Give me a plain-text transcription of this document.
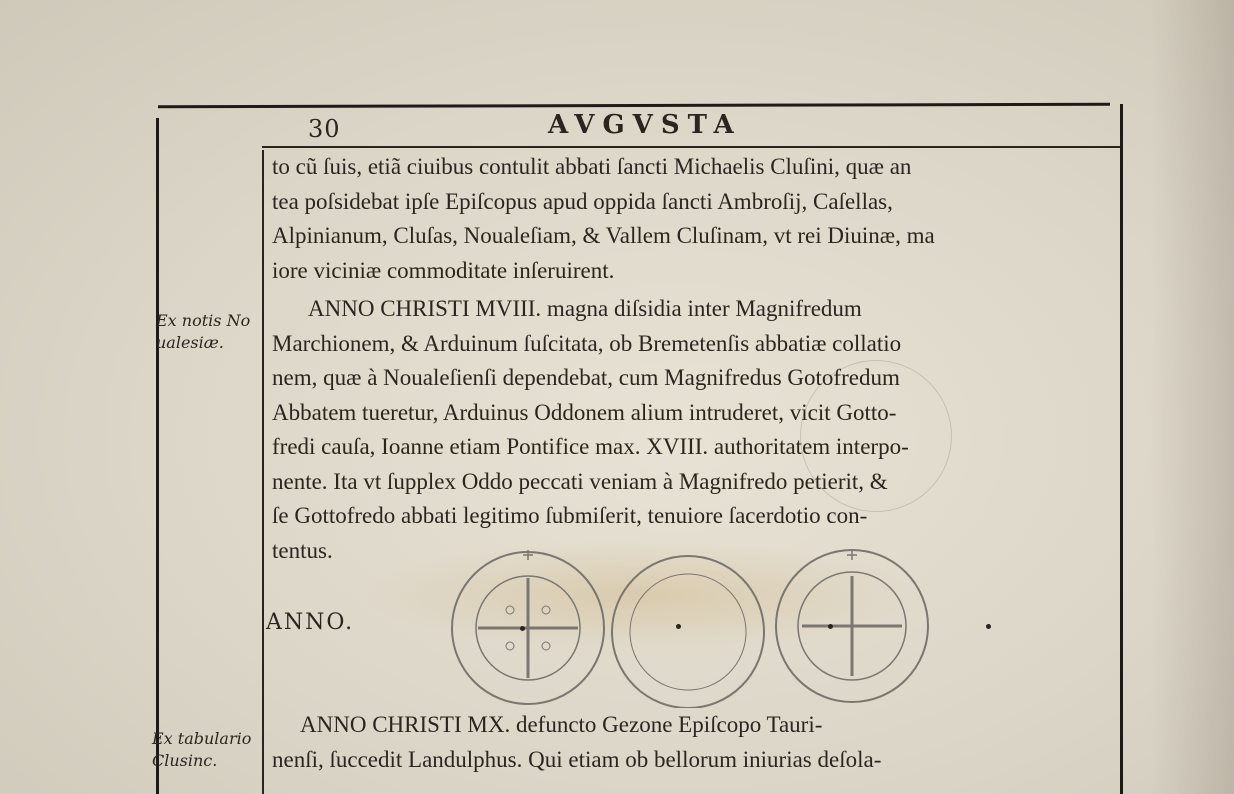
30	AVGVSTA
Ex notis No ualesiæ.
Ex tabulario Clusinc.
to cũ ſuis, etiã ciuibus contulit abbati ſancti Michaelis Cluſini, quæ an
tea poſsidebat ipſe Epiſcopus apud oppida ſancti Ambroſij, Caſellas,
Alpinianum, Cluſas, Noualeſiam, & Vallem Cluſinam, vt rei Diuinæ, ma
iore viciniæ commoditate inſeruirent.
ANNO CHRISTI MVIII. magna diſsidia inter Magnifredum
Marchionem, & Arduinum ſuſcitata, ob Bremetenſis abbatiæ collatio
nem, quæ à Noualeſienſi dependebat, cum Magnifredus Gotofredum
Abbatem tueretur, Arduinus Oddonem alium intruderet, vicit Gotto-
fredi cauſa, Ioanne etiam Pontifice max. XVIII. authoritatem interpo-
nente. Ita vt ſupplex Oddo peccati veniam à Magnifredo petierit, &
ſe Gottofredo abbati legitimo ſubmiſerit, tenuiore ſacerdotio con-
tentus.
ANNO.
ANNO CHRISTI MX. defuncto Gezone Epiſcopo Tauri-
nenſi, ſuccedit Landulphus. Qui etiam ob bellorum iniurias deſola-
